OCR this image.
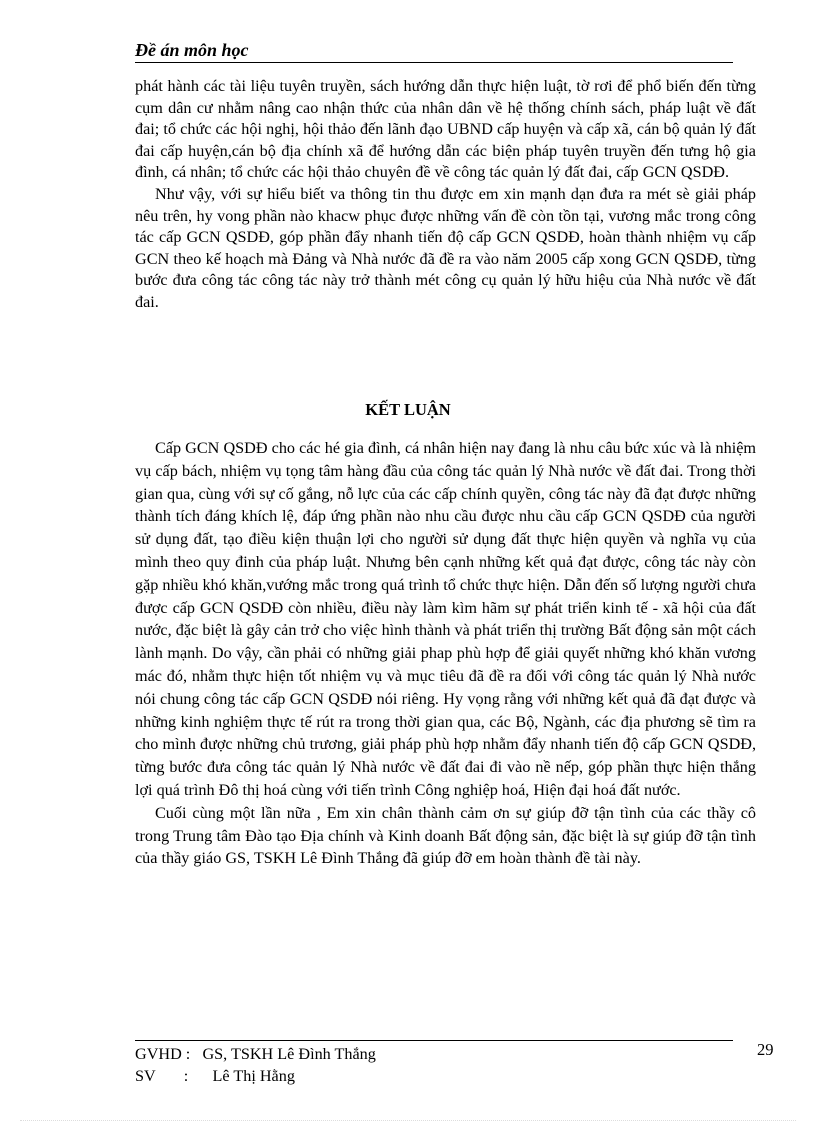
Đề án môn học

phát hành các tài liệu tuyên truyền, sách hướng dẫn thực hiện luật, tờ rơi để phổ biến đến từng cụm dân cư nhằm nâng cao nhận thức của nhân dân về hệ thống chính sách, pháp luật về đất đai; tổ chức các hội nghị, hội thảo đến lãnh đạo UBND cấp huyện và cấp xã, cán bộ quản lý đất đai cấp huyện,cán bộ địa chính xã để hướng dẫn các biện pháp tuyên truyền đến tưng hộ gia đình, cá nhân; tổ chức các hội thảo chuyên đề về công tác quản lý đất đai, cấp GCN QSDĐ.

Như vậy, với sự hiểu biết va thông tin thu được em xin mạnh dạn đưa ra mét sè giải pháp nêu trên, hy vong phần nào khacw phục được những vấn đề còn tồn tại, vương mắc trong công tác cấp GCN QSDĐ, góp phần đẩy nhanh tiến độ cấp GCN QSDĐ, hoàn thành nhiệm vụ cấp GCN theo kế hoạch mà Đảng và Nhà nước đã đề ra vào năm 2005 cấp xong GCN QSDĐ, từng bước đưa công tác công tác này trở thành mét công cụ quản lý hữu hiệu của Nhà nước về đất đai.

KẾT LUẬN

Cấp GCN QSDĐ cho các hé gia đình, cá nhân hiện nay đang là nhu câu bức xúc và là nhiệm vụ cấp bách, nhiệm vụ tọng tâm hàng đầu của công tác quản lý Nhà nước về đất đai. Trong thời gian qua, cùng với sự cố gắng, nỗ lực của các cấp chính quyền, công tác này đã đạt được những thành tích đáng khích lệ, đáp ứng phần nào nhu cầu được nhu cầu cấp GCN QSDĐ của người sử dụng đất, tạo điều kiện thuận lợi cho người sử dụng đất thực hiện quyền và nghĩa vụ của mình theo quy đinh của pháp luật. Nhưng bên cạnh những kết quả đạt được, công tác này còn gặp nhiều khó khăn,vướng mắc trong quá trình tổ chức thực hiện. Dẫn đến số lượng người chưa được cấp GCN QSDĐ còn nhiều, điều này làm kìm hãm sự phát triển kinh tế - xã hội của đất nước, đặc biệt là gây cản trở cho việc hình thành và phát triển thị trường Bất động sản một cách lành mạnh. Do vậy, cần phải có những giải phap phù hợp để giải quyết những khó khăn vương mác đó, nhằm thực hiện tốt nhiệm vụ và mục tiêu đã đề ra đối với công tác quản lý Nhà nước nói chung công tác cấp GCN QSDĐ nói riêng. Hy vọng rằng với những kết quả đã đạt được và những kinh nghiệm thực tế rút ra trong thời gian qua, các Bộ, Ngành, các địa phương sẽ tìm ra cho mình được những chủ trương, giải pháp phù hợp nhằm đẩy nhanh tiến độ cấp GCN QSDĐ, từng bước đưa công tác quản lý Nhà nước về đất đai đi vào nề nếp, góp phần thực hiện thắng lợi quá trình Đô thị hoá cùng với tiến trình Công nghiệp hoá, Hiện đại hoá đất nước.

Cuối cùng một lần nữa , Em xin chân thành cảm ơn sự giúp đỡ tận tình của các thầy cô trong Trung tâm Đào tạo Địa chính và Kinh doanh Bất động sản, đặc biệt là sự giúp đỡ tận tình của thầy giáo GS, TSKH Lê Đình Thắng đã giúp đỡ em hoàn thành đề tài này.

GVHD : GS, TSKH Lê Đình Thắng
SV : Lê Thị Hằng
29
